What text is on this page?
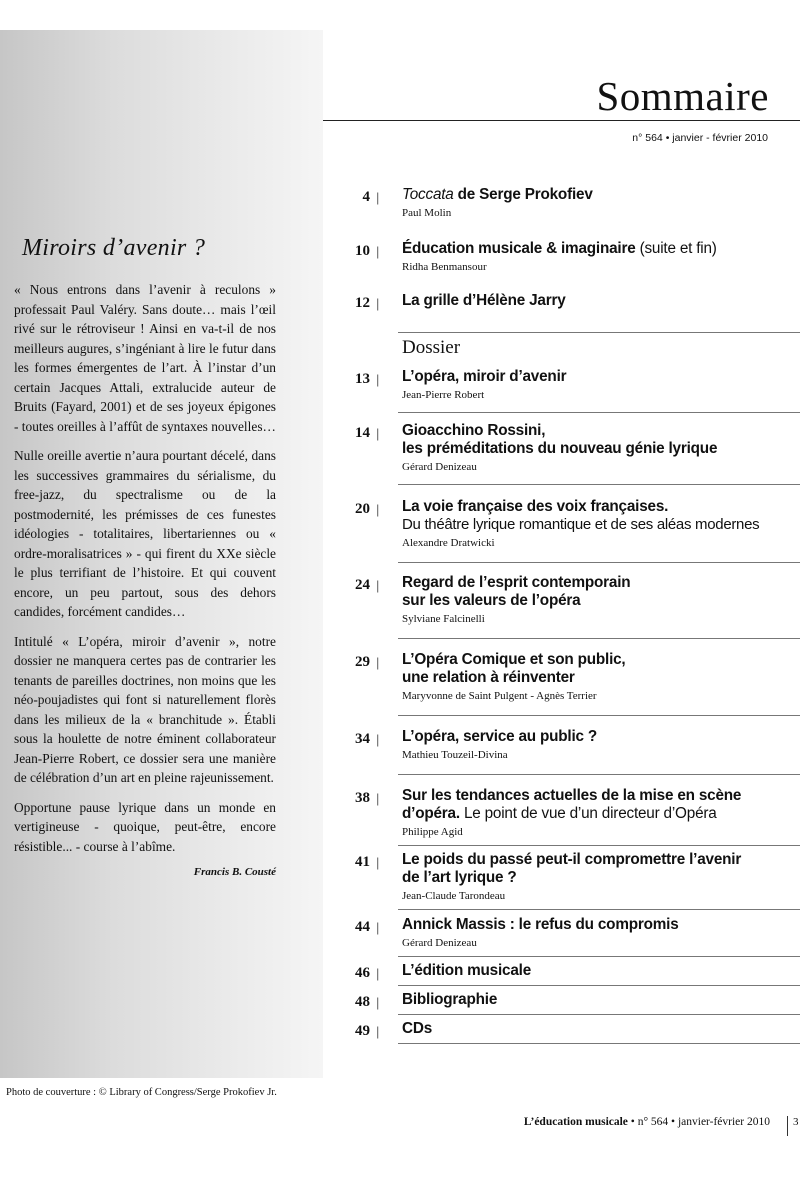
Miroirs d’avenir ?

« Nous entrons dans l’avenir à reculons » professait Paul Valéry. Sans doute… mais l’œil rivé sur le rétroviseur ! Ainsi en va-t-il de nos meilleurs augures, s’ingéniant à lire le futur dans les formes émergentes de l’art. À l’instar d’un certain Jacques Attali, extralucide auteur de Bruits (Fayard, 2001) et de ses joyeux épigones - toutes oreilles à l’affût de syntaxes nouvelles…

Nulle oreille avertie n’aura pourtant décelé, dans les successives grammaires du sérialisme, du free-jazz, du spectralisme ou de la postmodernité, les prémisses de ces funestes idéologies - totalitaires, libertariennes ou « ordre-moralisatrices » - qui firent du XXe siècle le plus terrifiant de l’histoire. Et qui couvent encore, un peu partout, sous des dehors candides, forcément candides…

Intitulé « L’opéra, miroir d’avenir », notre dossier ne manquera certes pas de contrarier les tenants de pareilles doctrines, non moins que les néo-poujadistes qui font si naturellement florès dans les milieux de la « branchitude ». Établi sous la houlette de notre éminent collaborateur Jean-Pierre Robert, ce dossier sera une manière de célébration d’un art en pleine rajeunissement.

Opportune pause lyrique dans un monde en vertigineuse - quoique, peut-être, encore résistible... - course à l’abîme.

Francis B. Cousté
Photo de couverture : © Library of Congress/Serge Prokofiev Jr.
Sommaire
n° 564 • janvier - février 2010
4 | Toccata de Serge Prokofiev
Paul Molin
10 | Éducation musicale & imaginaire (suite et fin)
Ridha Benmansour
12 | La grille d’Hélène Jarry
Dossier
13 | L’opéra, miroir d’avenir
Jean-Pierre Robert
14 | Gioacchino Rossini,
les préméditations du nouveau génie lyrique
Gérard Denizeau
20 | La voie française des voix françaises.
Du théâtre lyrique romantique et de ses aléas modernes
Alexandre Dratwicki
24 | Regard de l’esprit contemporain
sur les valeurs de l’opéra
Sylviane Falcinelli
29 | L’Opéra Comique et son public,
une relation à réinventer
Maryvonne de Saint Pulgent - Agnès Terrier
34 | L’opéra, service au public ?
Mathieu Touzeil-Divina
38 | Sur les tendances actuelles de la mise en scène
d’opéra. Le point de vue d’un directeur d’Opéra
Philippe Agid
41 | Le poids du passé peut-il compromettre l’avenir
de l’art lyrique ?
Jean-Claude Tarondeau
44 | Annick Massis : le refus du compromis
Gérard Denizeau
46 | L’édition musicale
48 | Bibliographie
49 | CDs
L’éducation musicale • n° 564 • janvier-février 2010 3
